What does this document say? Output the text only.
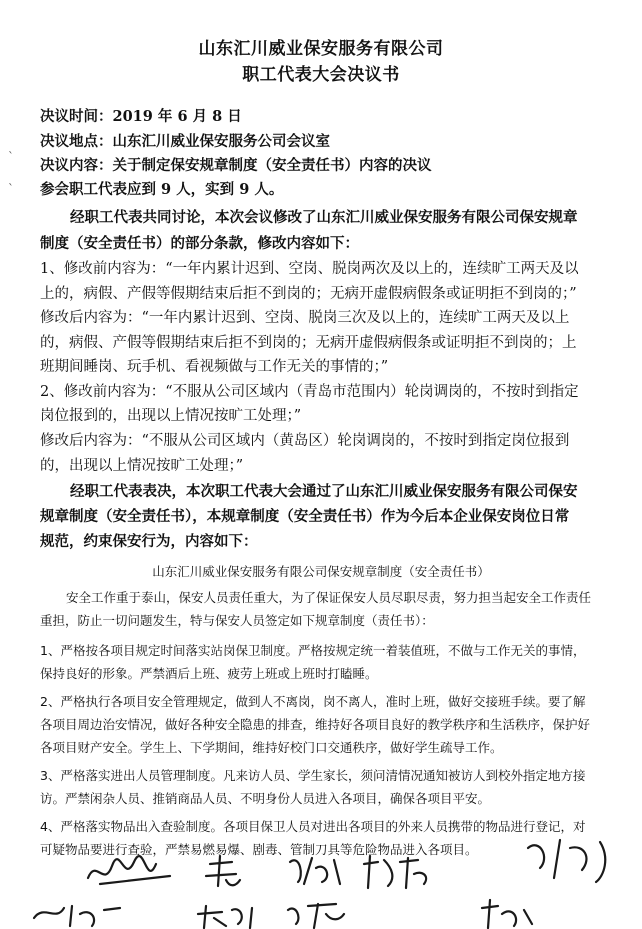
山东汇川威业保安服务有限公司
职工代表大会决议书
决议时间：2019 年 6 月 8 日
决议地点：山东汇川威业保安服务公司会议室
决议内容：关于制定保安规章制度（安全责任书）内容的决议
参会职工代表应到 9 人，实到 9 人。
ˋ
ˋ
经职工代表共同讨论，本次会议修改了山东汇川威业保安服务有限公司保安规章
制度（安全责任书）的部分条款，修改内容如下：
1、修改前内容为：“一年内累计迟到、空岗、脱岗两次及以上的，连续旷工两天及以
上的，病假、产假等假期结束后拒不到岗的；无病开虚假病假条或证明拒不到岗的；”
修改后内容为：“一年内累计迟到、空岗、脱岗三次及以上的，连续旷工两天及以上
的，病假、产假等假期结束后拒不到岗的；无病开虚假病假条或证明拒不到岗的；上
班期间睡岗、玩手机、看视频做与工作无关的事情的；”
2、修改前内容为：“不服从公司区域内（青岛市范围内）轮岗调岗的，不按时到指定
岗位报到的，出现以上情况按旷工处理；”
修改后内容为：“不服从公司区域内（黄岛区）轮岗调岗的，不按时到指定岗位报到
的，出现以上情况按旷工处理；”
经职工代表表决，本次职工代表大会通过了山东汇川威业保安服务有限公司保安
规章制度（安全责任书），本规章制度（安全责任书）作为今后本企业保安岗位日常
规范，约束保安行为，内容如下：
山东汇川威业保安服务有限公司保安规章制度（安全责任书）
安全工作重于泰山，保安人员责任重大，为了保证保安人员尽职尽责，努力担当起安全工作责任
重担，防止一切问题发生，特与保安人员签定如下规章制度（责任书）：
1、严格按各项目规定时间落实站岗保卫制度。严格按规定统一着装值班，不做与工作无关的事情，
保持良好的形象。严禁酒后上班、疲劳上班或上班时打瞌睡。
2、严格执行各项目安全管理规定，做到人不离岗，岗不离人，准时上班，做好交接班手续。要了解
各项目周边治安情况，做好各种安全隐患的排查，维持好各项目良好的教学秩序和生活秩序，保护好
各项目财产安全。学生上、下学期间，维持好校门口交通秩序，做好学生疏导工作。
3、严格落实进出人员管理制度。凡来访人员、学生家长，须问清情况通知被访人到校外指定地方接
访。严禁闲杂人员、推销商品人员、不明身份人员进入各项目，确保各项目平安。
4、严格落实物品出入查验制度。各项目保卫人员对进出各项目的外来人员携带的物品进行登记，对
可疑物品要进行查验，严禁易燃易爆、剧毒、管制刀具等危险物品进入各项目。
